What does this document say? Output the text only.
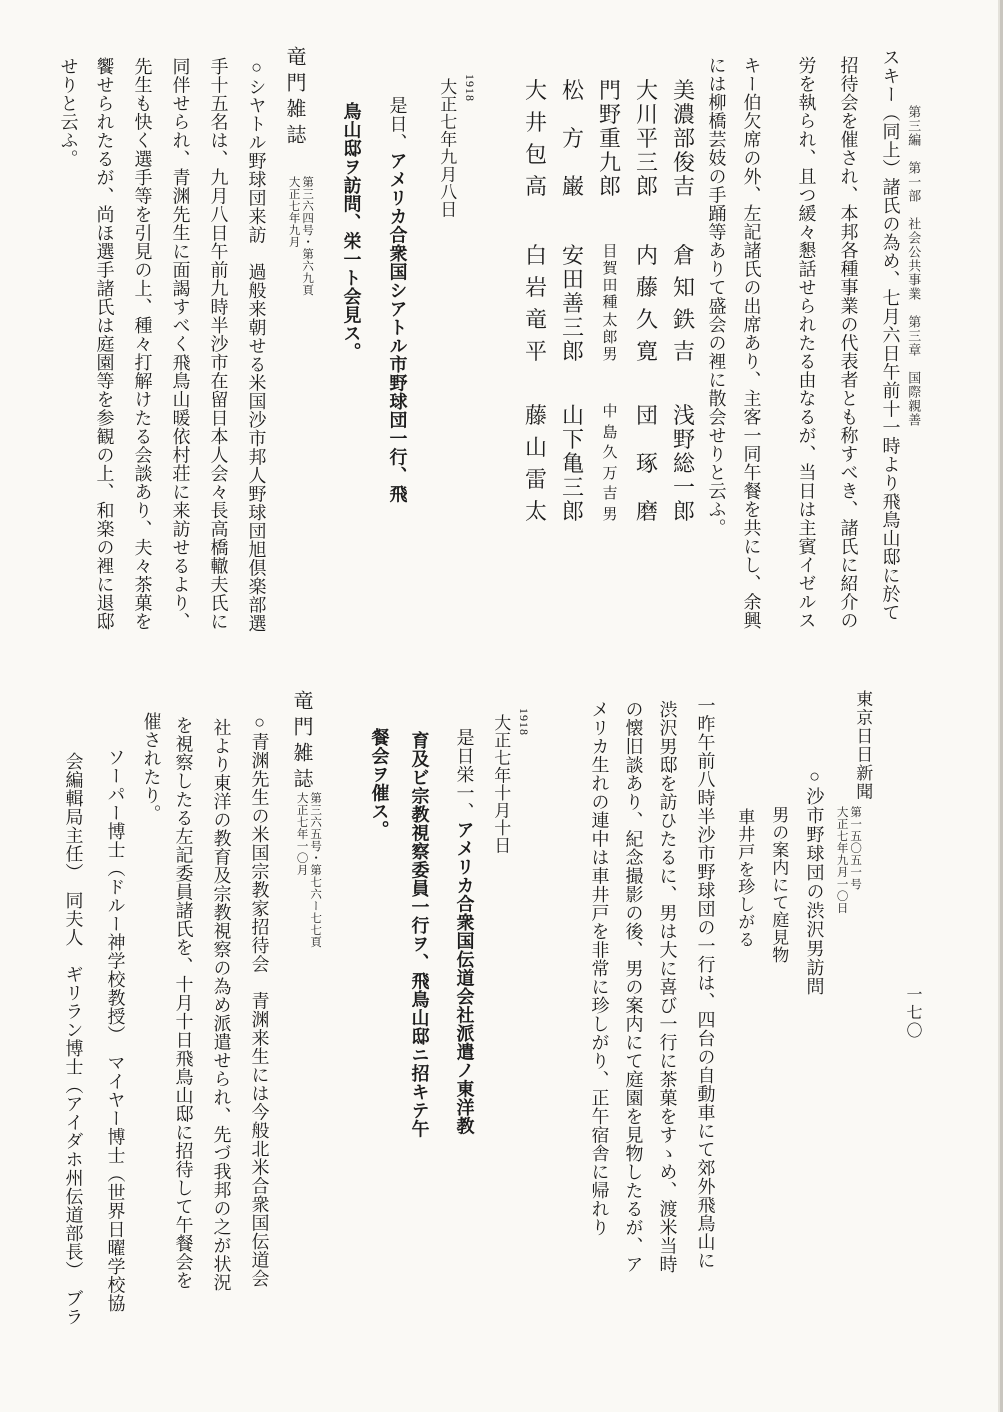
第三編　第一部　社会公共事業　第三章　国際親善
一七〇
スキー（同上）諸氏の為め、七月六日午前十一時より飛鳥山邸に於て
招待会を催され、本邦各種事業の代表者とも称すべき、諸氏に紹介の
労を執られ、且つ緩々懇話せられたる由なるが、当日は主賓イゼルス
キー伯欠席の外、左記諸氏の出席あり、主客一同午餐を共にし、余興
には柳橋芸妓の手踊等ありて盛会の裡に散会せりと云ふ。
美
濃
部
俊
吉
倉
知
鉄
吉
浅
野
総
一
郎
大
川
平
三
郎
内
藤
久
寛
団
琢
磨
門
野
重
九
郎
目
賀
田
種
太
郎
男
中
島
久
万
吉
男
松
方
巌
安
田
善
三
郎
山
下
亀
三
郎
大
井
包
高
白
岩
竜
平
藤
山
雷
太
1918
大正七年九月八日
是日、アメリカ合衆国シアトル市野球団一行、飛
鳥山邸ヲ訪問、栄一ト会見ス。
竜門雑誌
第三六四号・第六九頁
大正七年九月
○シヤトル野球団来訪　過般来朝せる米国沙市邦人野球団旭倶楽部選
手十五名は、九月八日午前九時半沙市在留日本人会々長高橋轍夫氏に
同伴せられ、青渊先生に面謁すべく飛鳥山暖依村荘に来訪せるより、
先生も快く選手等を引見の上、種々打解けたる会談あり、夫々茶菓を
饗せられたるが、尚ほ選手諸氏は庭園等を参観の上、和楽の裡に退邸
せりと云ふ。
東京日日新聞
第一五〇五一号
大正七年九月一〇日
○沙市野球団の渋沢男訪問
男の案内にて庭見物
車井戸を珍しがる
一昨午前八時半沙市野球団の一行は、四台の自動車にて郊外飛鳥山に
渋沢男邸を訪ひたるに、男は大に喜び一行に茶菓をすゝめ、渡米当時
の懐旧談あり、紀念撮影の後、男の案内にて庭園を見物したるが、ア
メリカ生れの連中は車井戸を非常に珍しがり、正午宿舎に帰れり
1918
大正七年十月十日
是日栄一、アメリカ合衆国伝道会社派遣ノ東洋教
育及ビ宗教視察委員一行ヲ、飛鳥山邸ニ招キテ午
餐会ヲ催ス。
竜門雑誌
第三六五号・第七六ー七七頁
大正七年一〇月
○青渊先生の米国宗教家招待会　青渊来生には今般北米合衆国伝道会
社より東洋の教育及宗教視察の為め派遣せられ、先づ我邦の之が状況
を視察したる左記委員諸氏を、十月十日飛鳥山邸に招待して午餐会を
催されたり。
ソーパー博士（ドルー神学校教授）　マイヤー博士（世界日曜学校協
会編輯局主任）　同夫人　ギリラン博士（アイダホ州伝道部長）　ブラ
